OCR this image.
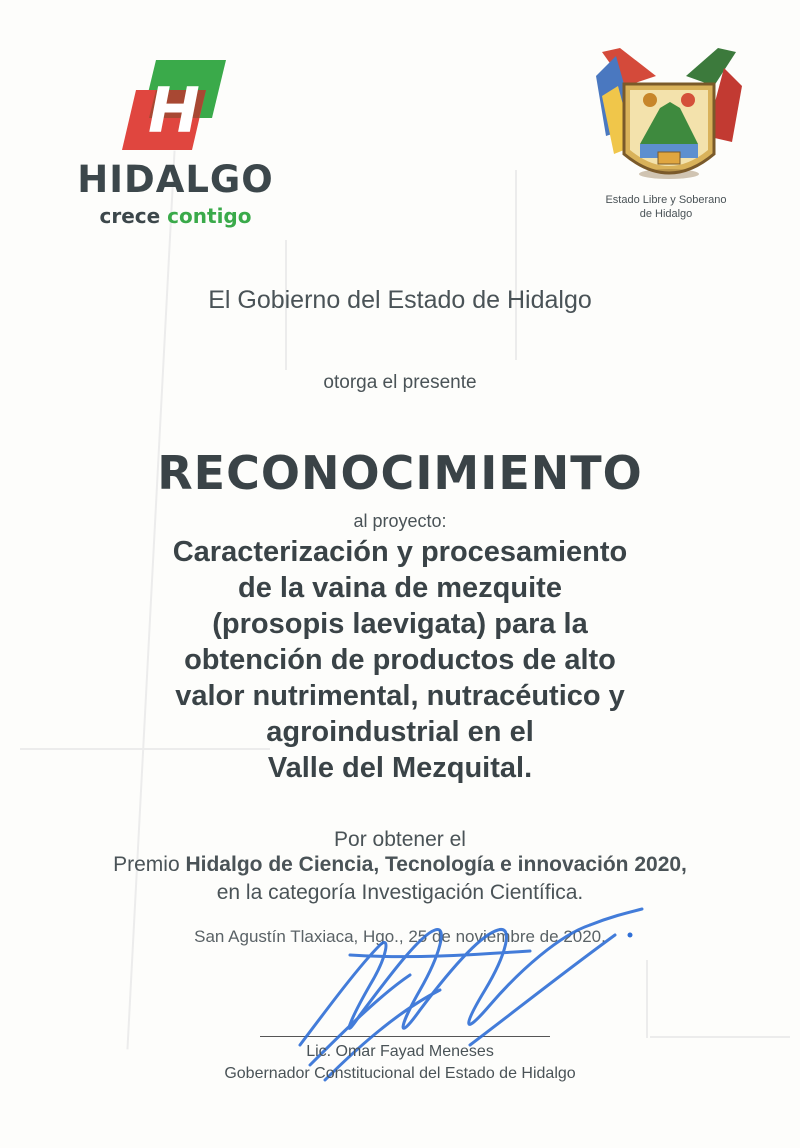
H
HIDALGO
crece contigo
Estado Libre y Soberano
de Hidalgo
El Gobierno del Estado de Hidalgo
otorga el presente
RECONOCIMIENTO
al proyecto:
Caracterización y procesamiento
de la vaina de mezquite
(prosopis laevigata) para la
obtención de productos de alto
valor nutrimental, nutracéutico y
agroindustrial en el
Valle del Mezquital.
Por obtener el
Premio Hidalgo de Ciencia, Tecnología e innovación 2020,
en la categoría Investigación Científica.
San Agustín Tlaxiaca, Hgo., 25 de noviembre de 2020.
Lic. Omar Fayad Meneses
Gobernador Constitucional del Estado de Hidalgo
